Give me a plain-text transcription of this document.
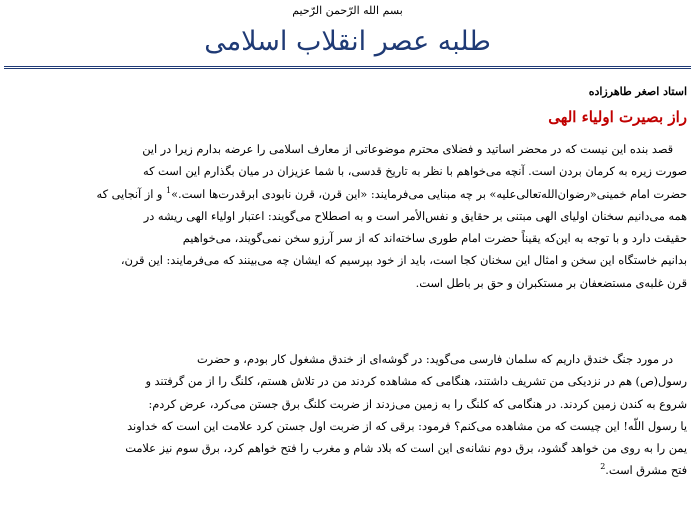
بسم الله الرّحمن الرّحیم
طلبه عصر انقلاب اسلامی
استاد اصغر طاهرزاده
راز بصیرت اولیاء الهی
قصد بنده این نیست که در محضر اساتید و فضلای محترم موضوعاتی از معارف اسلامی را عرضه بدارم زیرا در این
صورت زیره به کرمان بردن است. آنچه می‌خواهم با نظر به تاریخ قدسی، با شما عزیزان در میان بگذارم این است که
حضرت امام خمینی«رضوان‌الله‌تعالی‌علیه» بر چه مبنایی می‌فرمایند: «این قرن، قرن نابودی ابرقدرت‌ها است.»$^1$ و از آنجایی که
همه می‌دانیم سخنان اولیای الهی مبتنی بر حقایق و نفس‌الأمر است و به اصطلاح می‌گویند: اعتبار اولیاء الهی ریشه در
حقیقت دارد و با توجه به این‌که یقیناً حضرت امام طوری ساخته‌اند که از سر آرزو سخن نمی‌گویند، می‌خواهیم
بدانیم خاستگاه این سخن و امثال این سخنان کجا است، باید از خود بپرسیم که ایشان چه می‌بینند که می‌فرمایند: این قرن،
قرن غلبه‌ی مستضعفان بر مستکبران و حق بر باطل است.
در مورد جنگ خندق داریم که سلمان فارسی می‌گوید: در گوشه‌ای از خندق مشغول کار بودم، و حضرت
رسول(ص) هم در نزدیکی من تشریف داشتند، هنگامی که مشاهده کردند من در تلاش هستم، کلنگ را از من گرفتند و
شروع به کندن زمین کردند. در هنگامی که کلنگ را به زمین می‌زدند از ضربت کلنگ برق جستن می‌کرد، عرض کردم:
یا رسول اللّه! این چیست که من مشاهده می‌کنم؟ فرمود: برقی که از ضربت اول جستن کرد علامت این است که خداوند
یمن را به روی من خواهد گشود، برق دوم نشانه‌ی این است که بلاد شام و مغرب را فتح خواهم کرد، برق سوم نیز علامت
فتح مشرق است.$^2$
